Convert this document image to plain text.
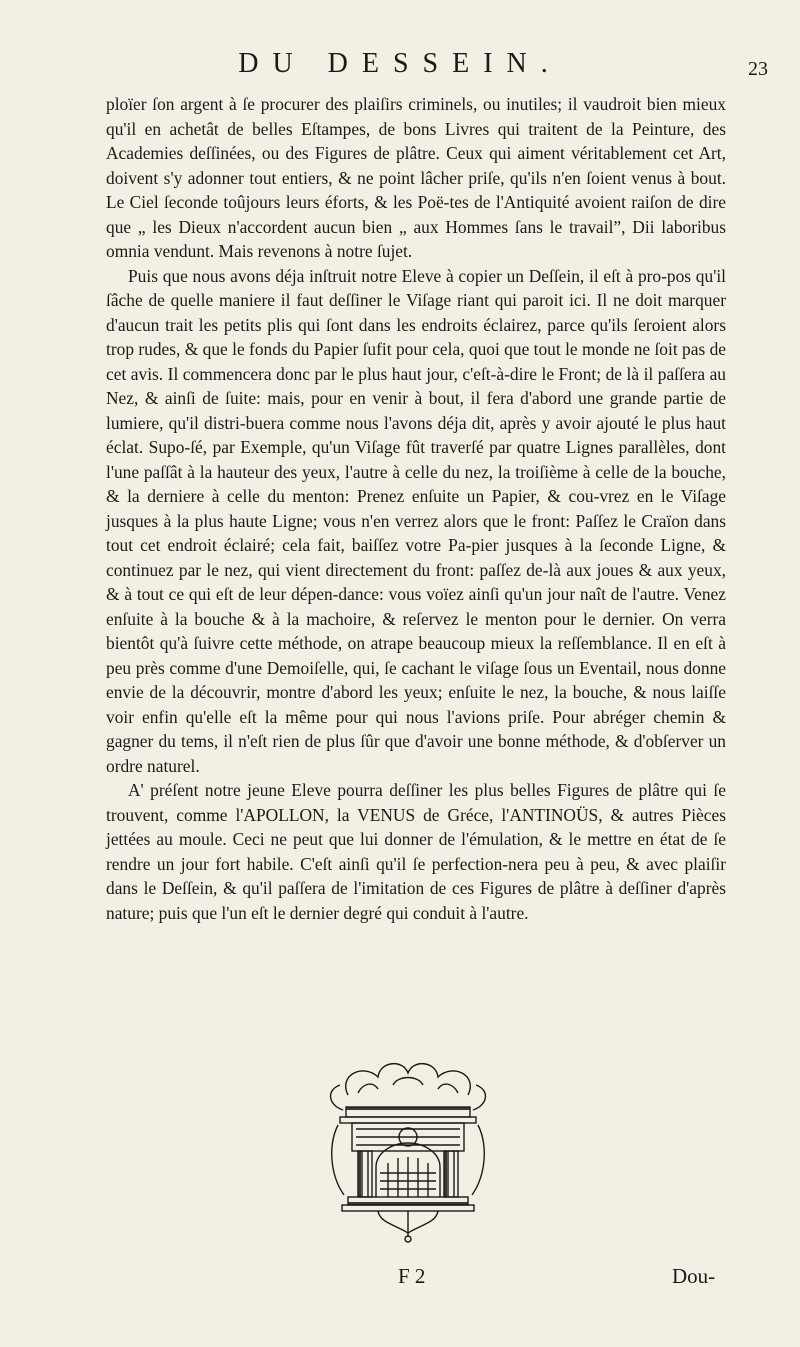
DU DESSEIN.	23

ploïer ſon argent à ſe procurer des plaiſirs criminels, ou inutiles; il vaudroit bien mieux qu'il en achetât de belles Eſtampes, de bons Livres qui traitent de la Peinture, des Academies deſſinées, ou des Figures de plâtre. Ceux qui aiment véritablement cet Art, doivent s'y adonner tout entiers, & ne point lâcher priſe, qu'ils n'en ſoient venus à bout. Le Ciel ſeconde toûjours leurs éforts, & les Poë-tes de l'Antiquité avoient raiſon de dire que „ les Dieux n'accordent aucun bien „ aux Hommes ſans le travail”, Dii laboribus omnia vendunt. Mais revenons à notre ſujet.

Puis que nous avons déja inſtruit notre Eleve à copier un Deſſein, il eſt à pro-pos qu'il ſâche de quelle maniere il faut deſſiner le Viſage riant qui paroit ici. Il ne doit marquer d'aucun trait les petits plis qui ſont dans les endroits éclairez, parce qu'ils ſeroient alors trop rudes, & que le fonds du Papier ſufit pour cela, quoi que tout le monde ne ſoit pas de cet avis. Il commencera donc par le plus haut jour, c'eſt-à-dire le Front; de là il paſſera au Nez, & ainſi de ſuite: mais, pour en venir à bout, il fera d'abord une grande partie de lumiere, qu'il distri-buera comme nous l'avons déja dit, après y avoir ajouté le plus haut éclat. Supo-ſé, par Exemple, qu'un Viſage fût traverſé par quatre Lignes parallèles, dont l'une paſſât à la hauteur des yeux, l'autre à celle du nez, la troiſième à celle de la bouche, & la derniere à celle du menton: Prenez enſuite un Papier, & cou-vrez en le Viſage jusques à la plus haute Ligne; vous n'en verrez alors que le front: Paſſez le Craïon dans tout cet endroit éclairé; cela fait, baiſſez votre Pa-pier jusques à la ſeconde Ligne, & continuez par le nez, qui vient directement du front: paſſez de-là aux joues & aux yeux, & à tout ce qui eſt de leur dépen-dance: vous voïez ainſi qu'un jour naît de l'autre. Venez enſuite à la bouche & à la machoire, & reſervez le menton pour le dernier. On verra bientôt qu'à ſuivre cette méthode, on atrape beaucoup mieux la reſſemblance. Il en eſt à peu près comme d'une Demoiſelle, qui, ſe cachant le viſage ſous un Eventail, nous donne envie de la découvrir, montre d'abord les yeux; enſuite le nez, la bouche, & nous laiſſe voir enfin qu'elle eſt la même pour qui nous l'avions priſe. Pour abréger chemin & gagner du tems, il n'eſt rien de plus ſûr que d'avoir une bonne méthode, & d'obſerver un ordre naturel.

A' préſent notre jeune Eleve pourra deſſiner les plus belles Figures de plâtre qui ſe trouvent, comme l'APOLLON, la VENUS de Gréce, l'ANTINOÜS, & autres Pièces jettées au moule. Ceci ne peut que lui donner de l'émulation, & le mettre en état de ſe rendre un jour fort habile. C'eſt ainſi qu'il ſe perfection-nera peu à peu, & avec plaiſir dans le Deſſein, & qu'il paſſera de l'imitation de ces Figures de plâtre à deſſiner d'après nature; puis que l'un eſt le dernier degré qui conduit à l'autre.

F 2	Dou-
